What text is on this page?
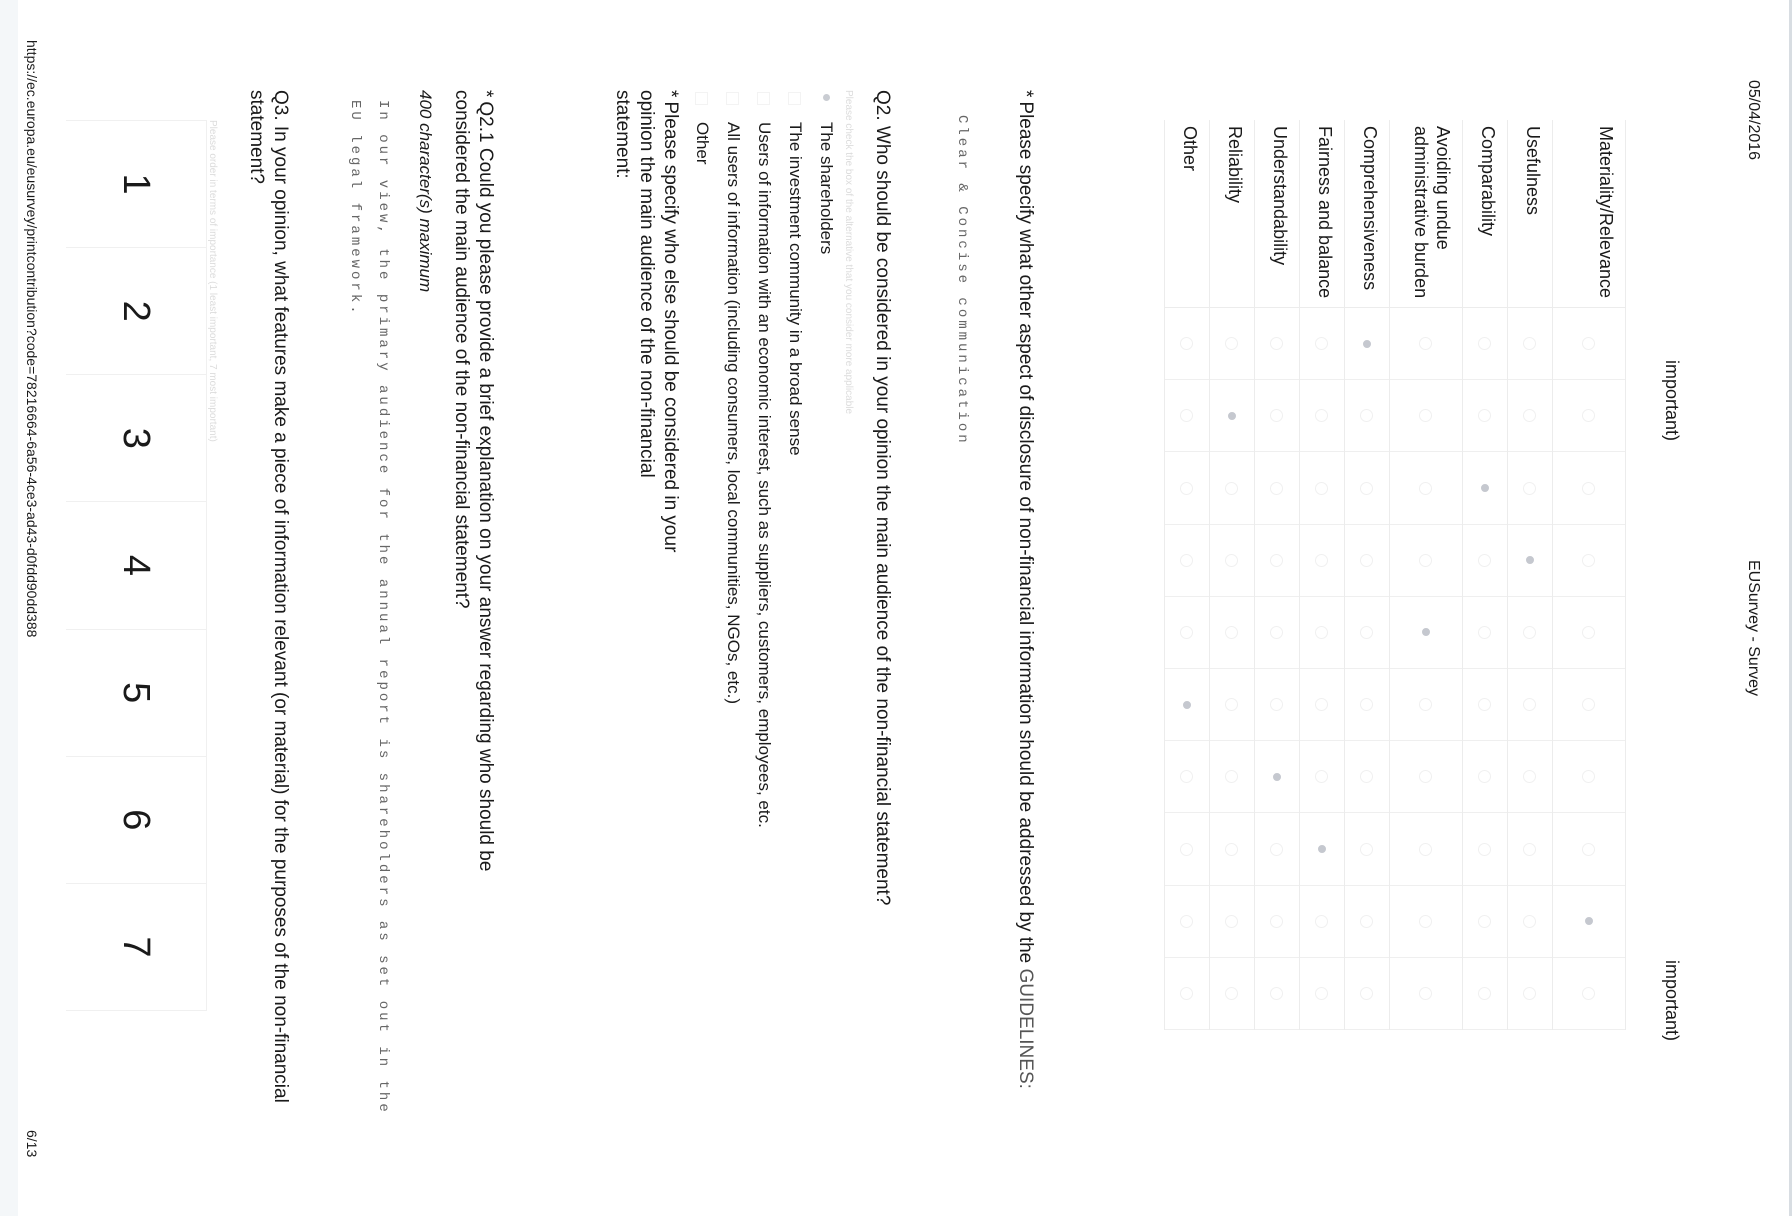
05/04/2016
EUSurvey - Survey
important)
important)
Materiality/Relevance
Usefulness
Comparability
Avoiding undue administrative burden
Comprehensiveness
Fairness and balance
Understandability
Reliability
Other
*Please specify what other aspect of disclosure of non-financial information should be addressed by the GUIDELINES:
Clear & Concise communication
Q2. Who should be considered in your opinion the main audience of the non-financial statement?
Please check the box of the alternative that you consider more applicable
The shareholders
The investment community in a broad sense
Users of information with an economic interest, such as suppliers, customers, employees, etc.
All users of information (including consumers, local communities, NGOs, etc.)
Other
*Please specify who else should be considered in your opinion the main audience of the non-financial statement:
*Q2.1 Could you please provide a brief explanation on your answer regarding who should be considered the main audience of the non-financial statement?
400 character(s) maximum
In our view, the primary audience for the annual report is shareholders as set out in the EU legal framework.
Q3. In your opinion, what features make a piece of information relevant (or material) for the purposes of the non-financial statement?
Please order in terms of importance (1 least important, 7 most important)
1
2
3
4
5
6
7
https://ec.europa.eu/eusurvey/printcontribution?code=78216664-6a56-4ce3-ad43-d0fdd90dd388
6/13
